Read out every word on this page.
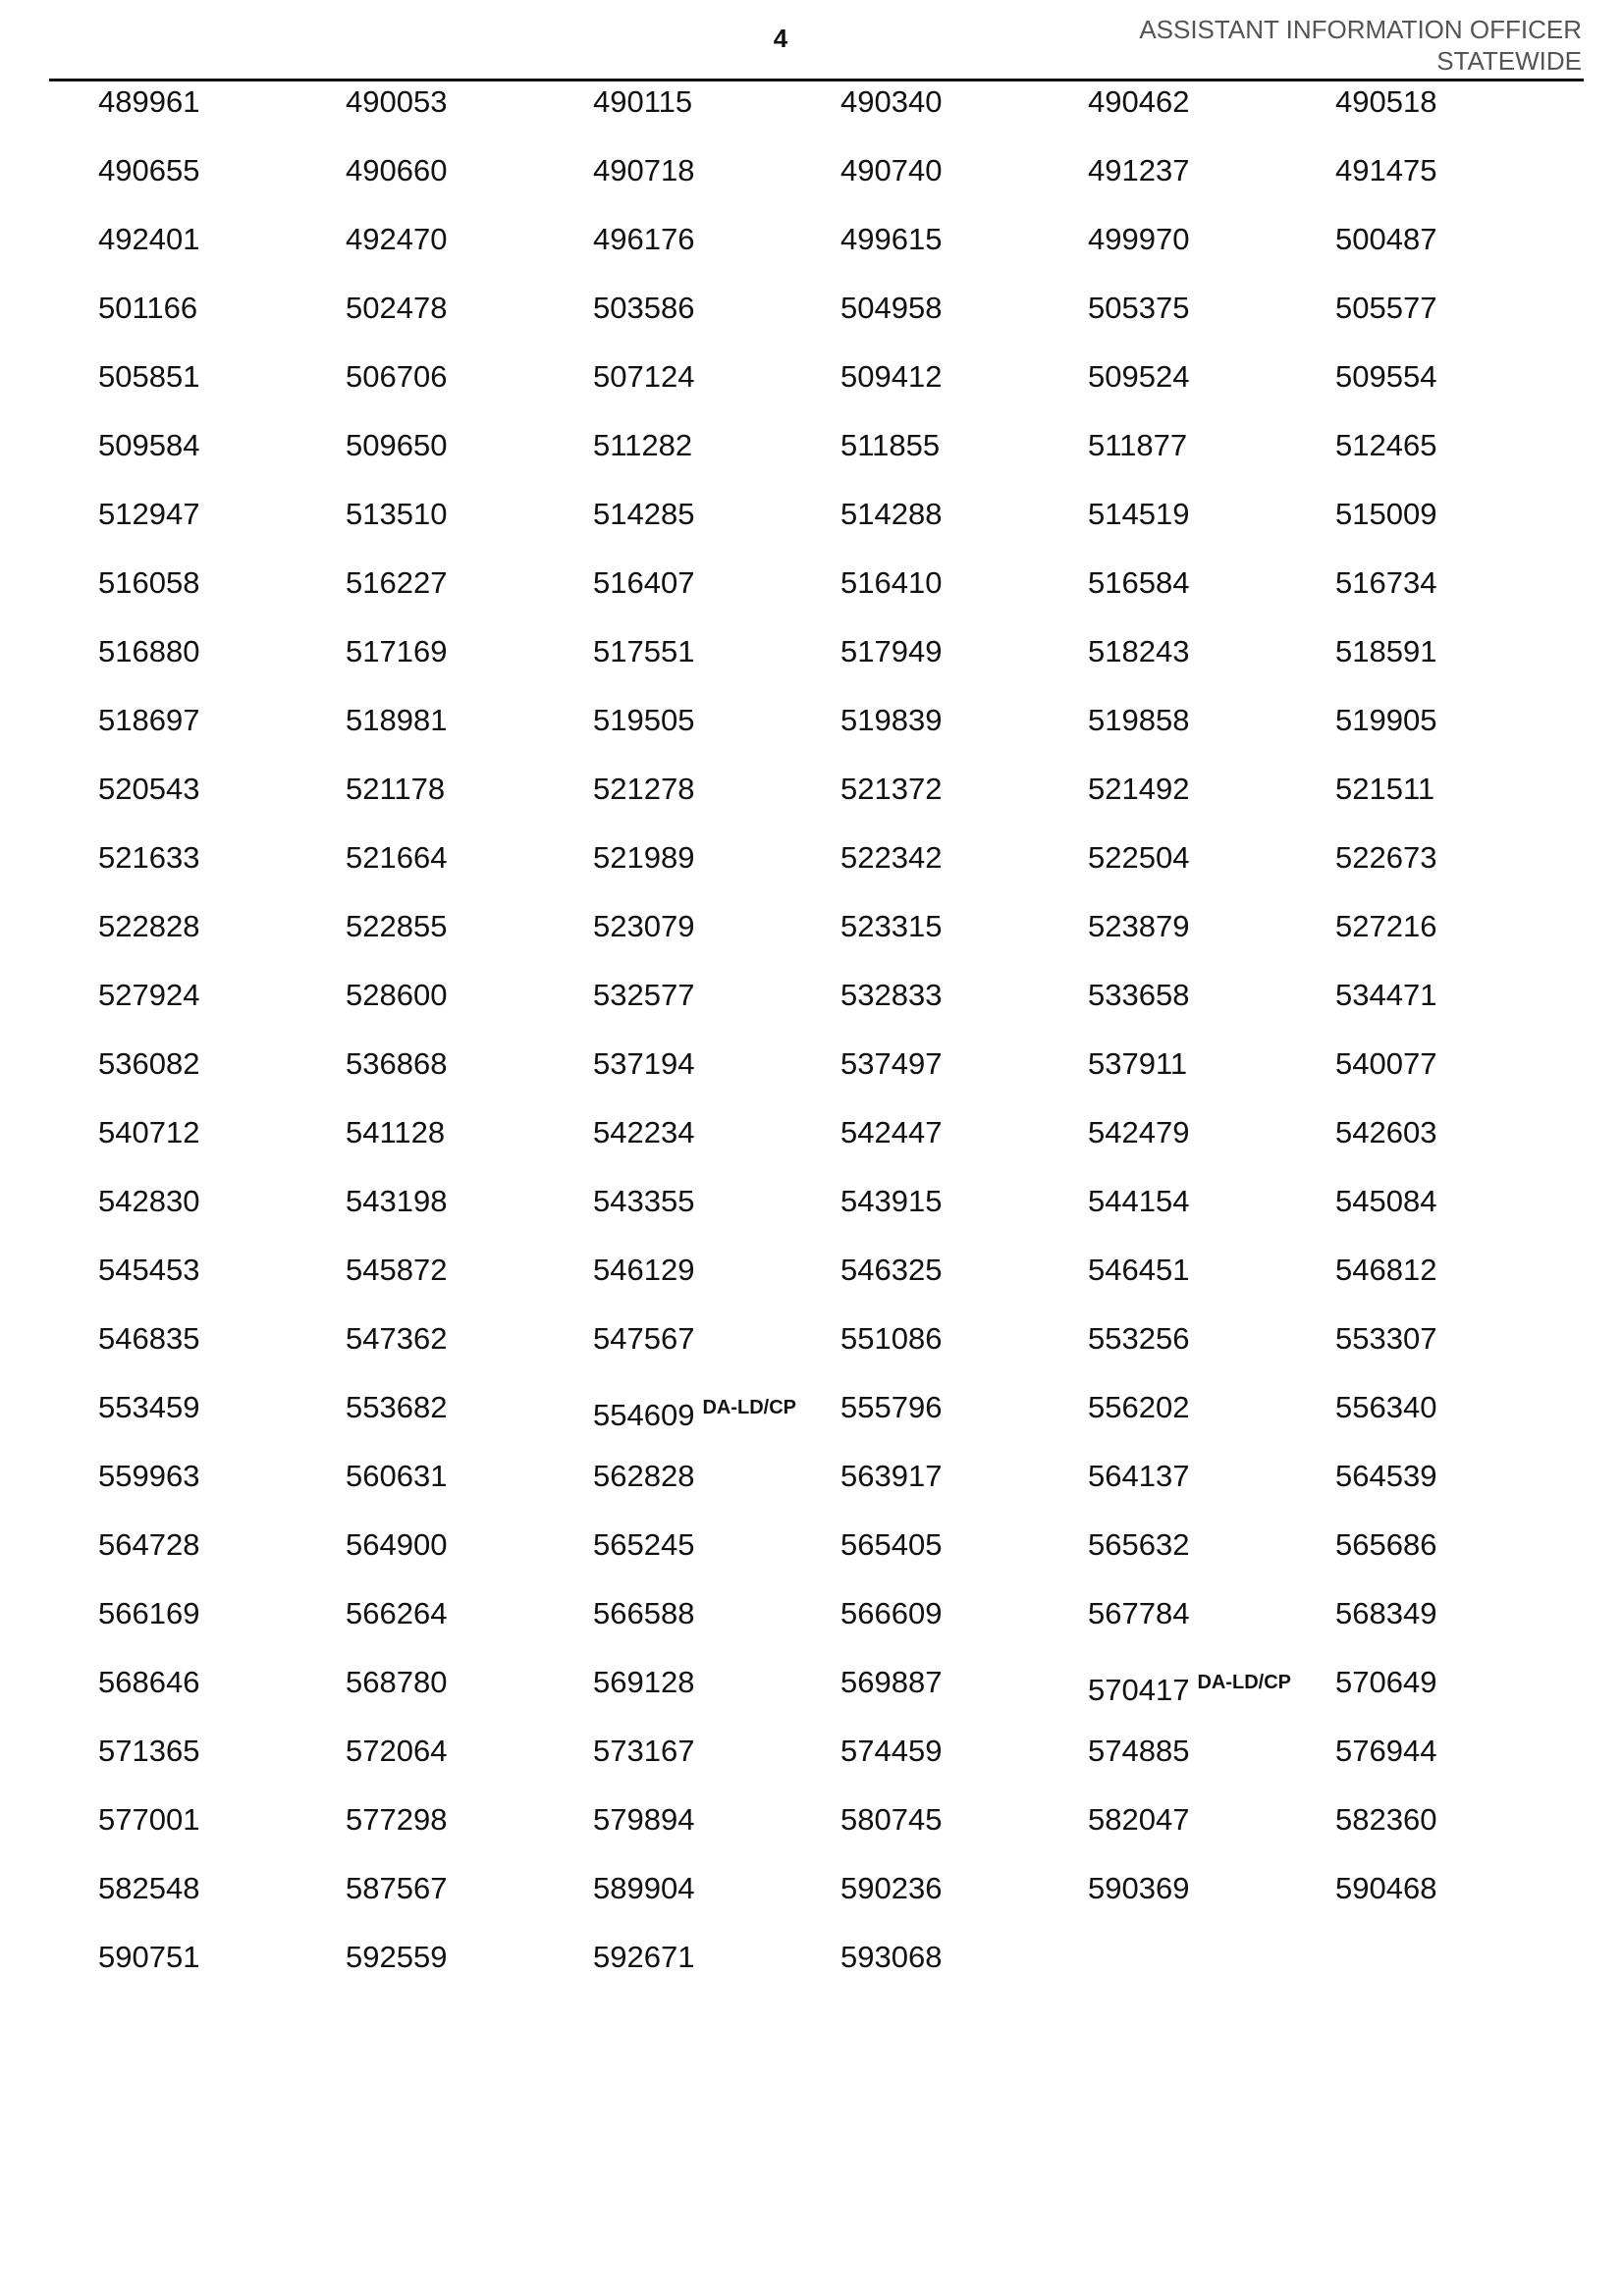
4	ASSISTANT INFORMATION OFFICER
STATEWIDE
489961	490053	490115	490340	490462	490518
490655	490660	490718	490740	491237	491475
492401	492470	496176	499615	499970	500487
501166	502478	503586	504958	505375	505577
505851	506706	507124	509412	509524	509554
509584	509650	511282	511855	511877	512465
512947	513510	514285	514288	514519	515009
516058	516227	516407	516410	516584	516734
516880	517169	517551	517949	518243	518591
518697	518981	519505	519839	519858	519905
520543	521178	521278	521372	521492	521511
521633	521664	521989	522342	522504	522673
522828	522855	523079	523315	523879	527216
527924	528600	532577	532833	533658	534471
536082	536868	537194	537497	537911	540077
540712	541128	542234	542447	542479	542603
542830	543198	543355	543915	544154	545084
545453	545872	546129	546325	546451	546812
546835	547362	547567	551086	553256	553307
553459	553682	554609 $^{DA-LD/CP}$ 555796	556202	556340
559963	560631	562828	563917	564137	564539
564728	564900	565245	565405	565632	565686
566169	566264	566588	566609	567784	568349
568646	568780	569128	569887	570417 $^{DA-LD/CP}$ 570649
571365	572064	573167	574459	574885	576944
577001	577298	579894	580745	582047	582360
582548	587567	589904	590236	590369	590468
590751	592559	592671	593068
